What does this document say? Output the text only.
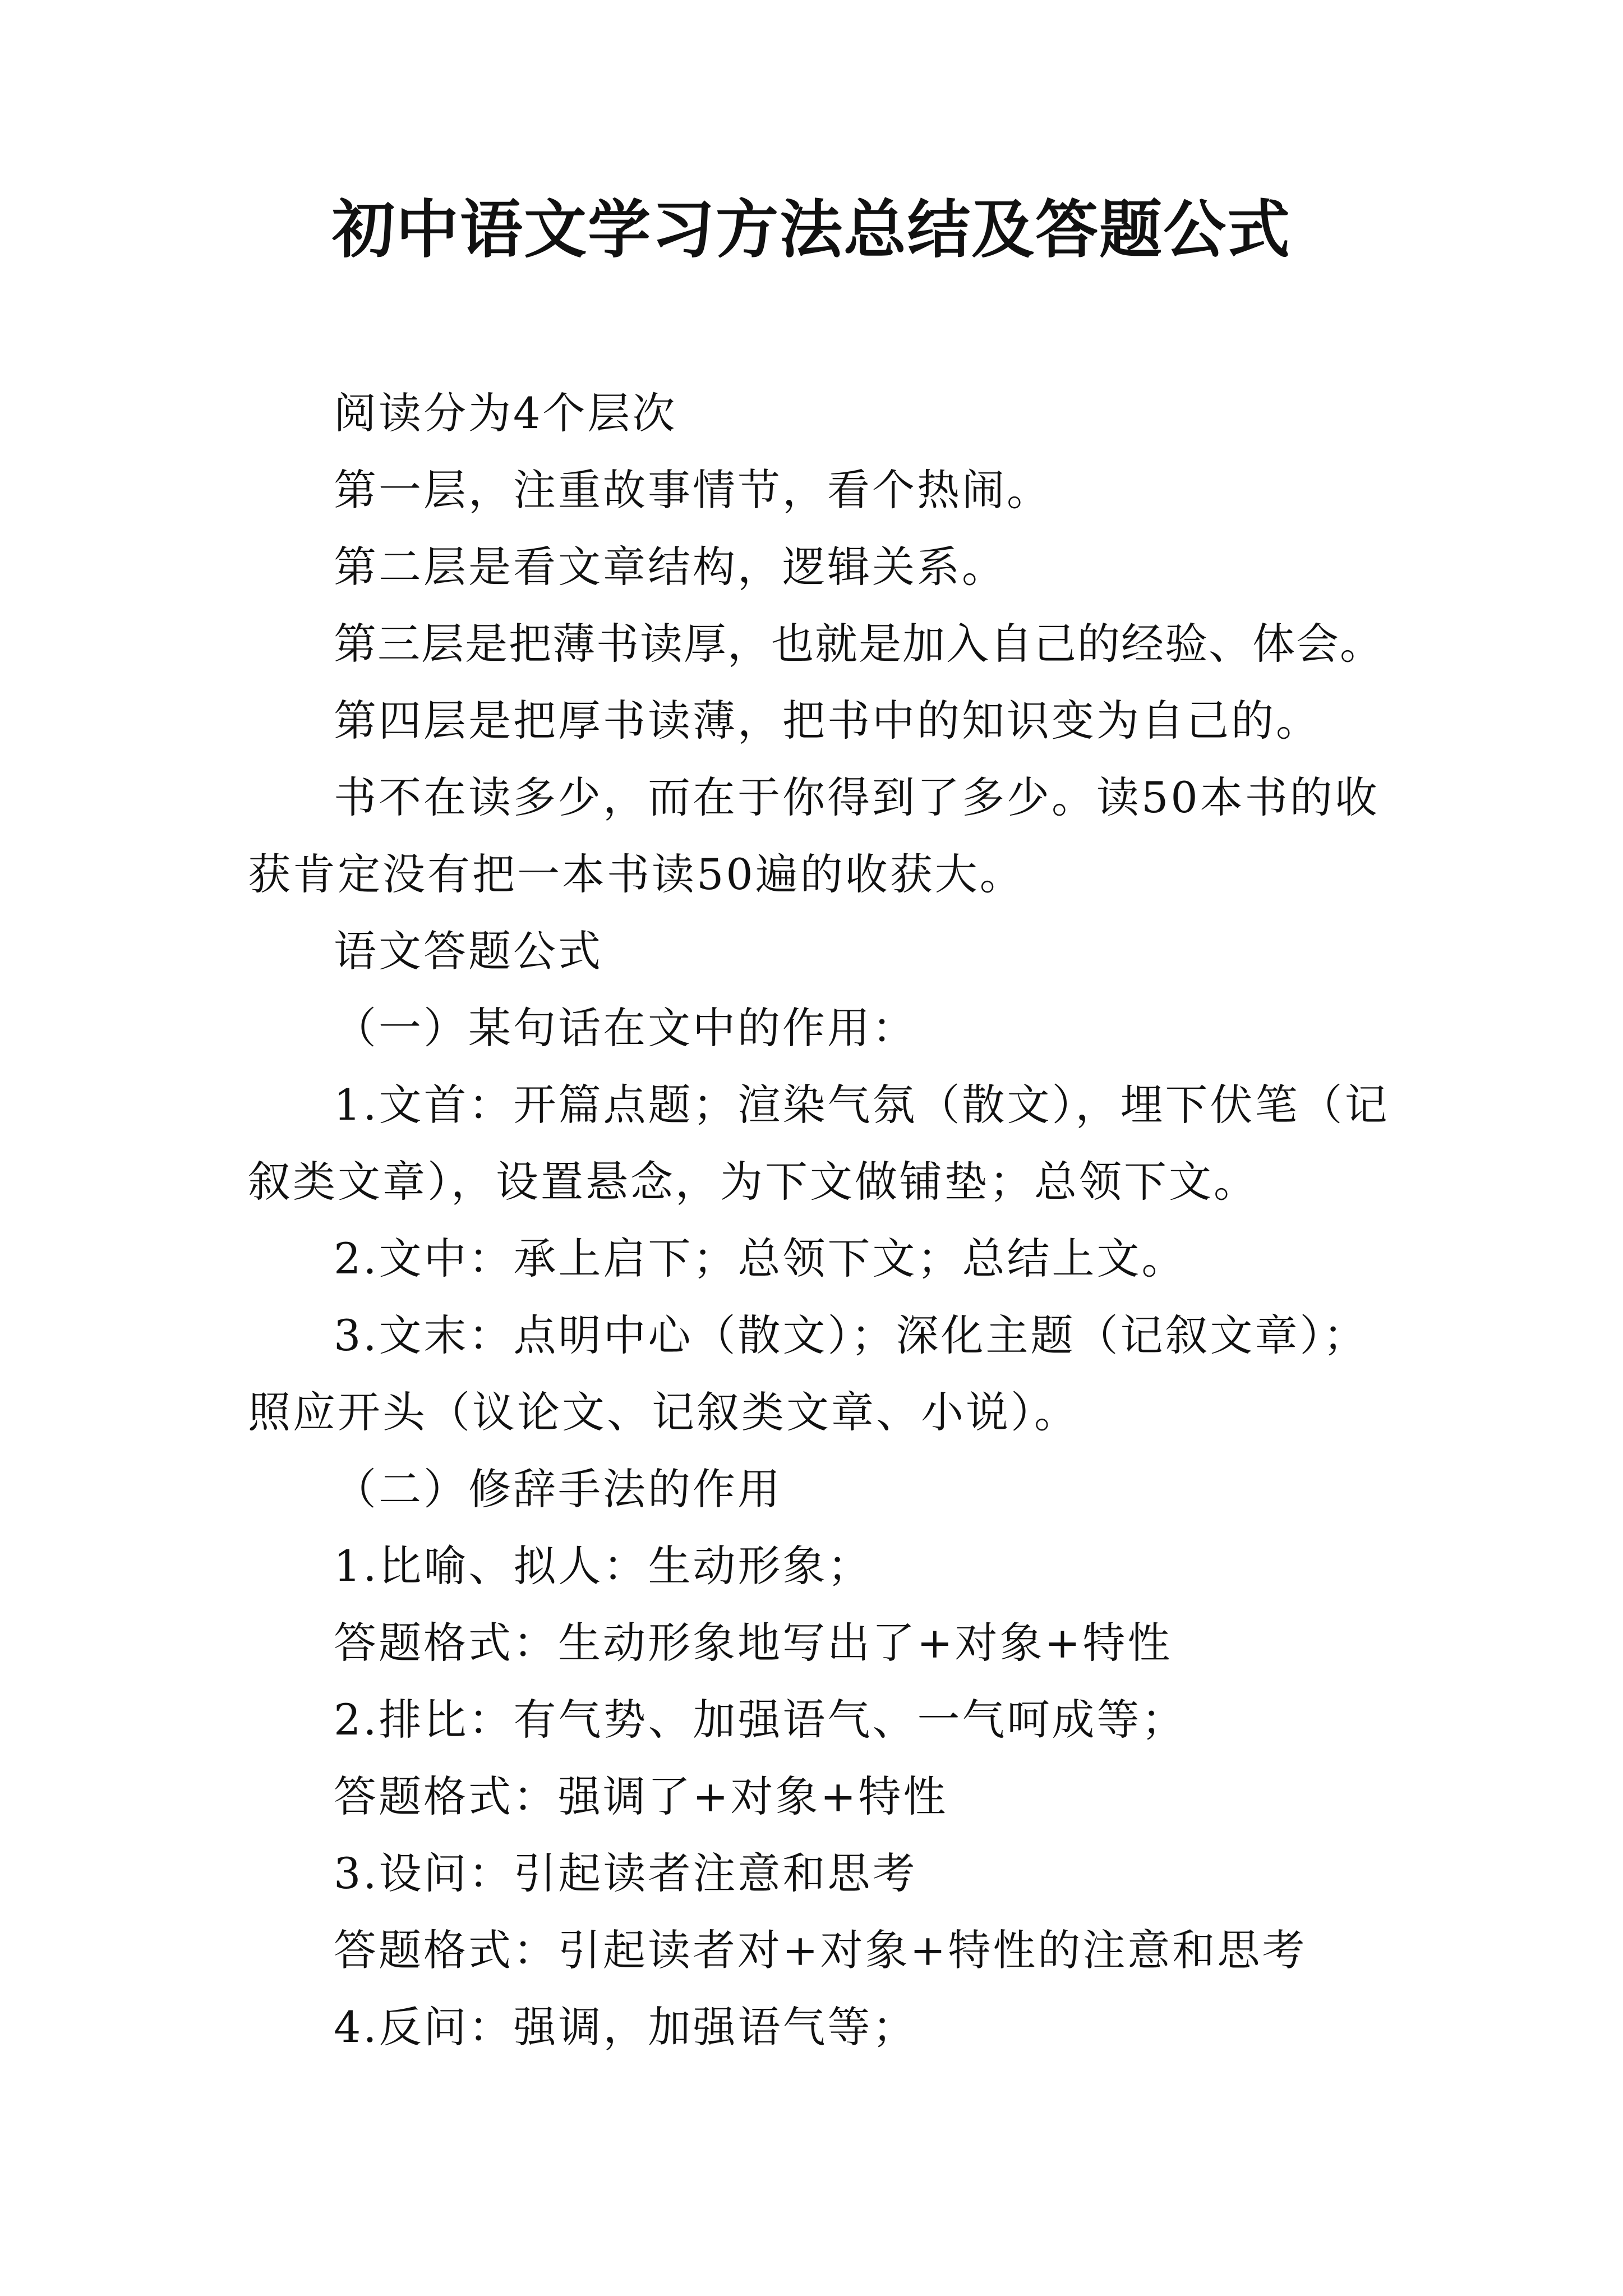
初中语文学习方法总结及答题公式

阅读分为4个层次

第一层，注重故事情节，看个热闹。

第二层是看文章结构，逻辑关系。

第三层是把薄书读厚，也就是加入自己的经验、体会。

第四层是把厚书读薄，把书中的知识变为自己的。

书不在读多少，而在于你得到了多少。读50本书的收获肯定没有把一本书读50遍的收获大。

语文答题公式

（一）某句话在文中的作用：

1.文首：开篇点题；渲染气氛（散文），埋下伏笔（记叙类文章），设置悬念，为下文做铺垫；总领下文。

2.文中：承上启下；总领下文；总结上文。

3.文末：点明中心（散文）；深化主题（记叙文章）；照应开头（议论文、记叙类文章、小说）。

（二）修辞手法的作用

1.比喻、拟人：生动形象；

答题格式：生动形象地写出了+对象+特性

2.排比：有气势、加强语气、一气呵成等；

答题格式：强调了+对象+特性

3.设问：引起读者注意和思考

答题格式：引起读者对+对象+特性的注意和思考

4.反问：强调，加强语气等；
